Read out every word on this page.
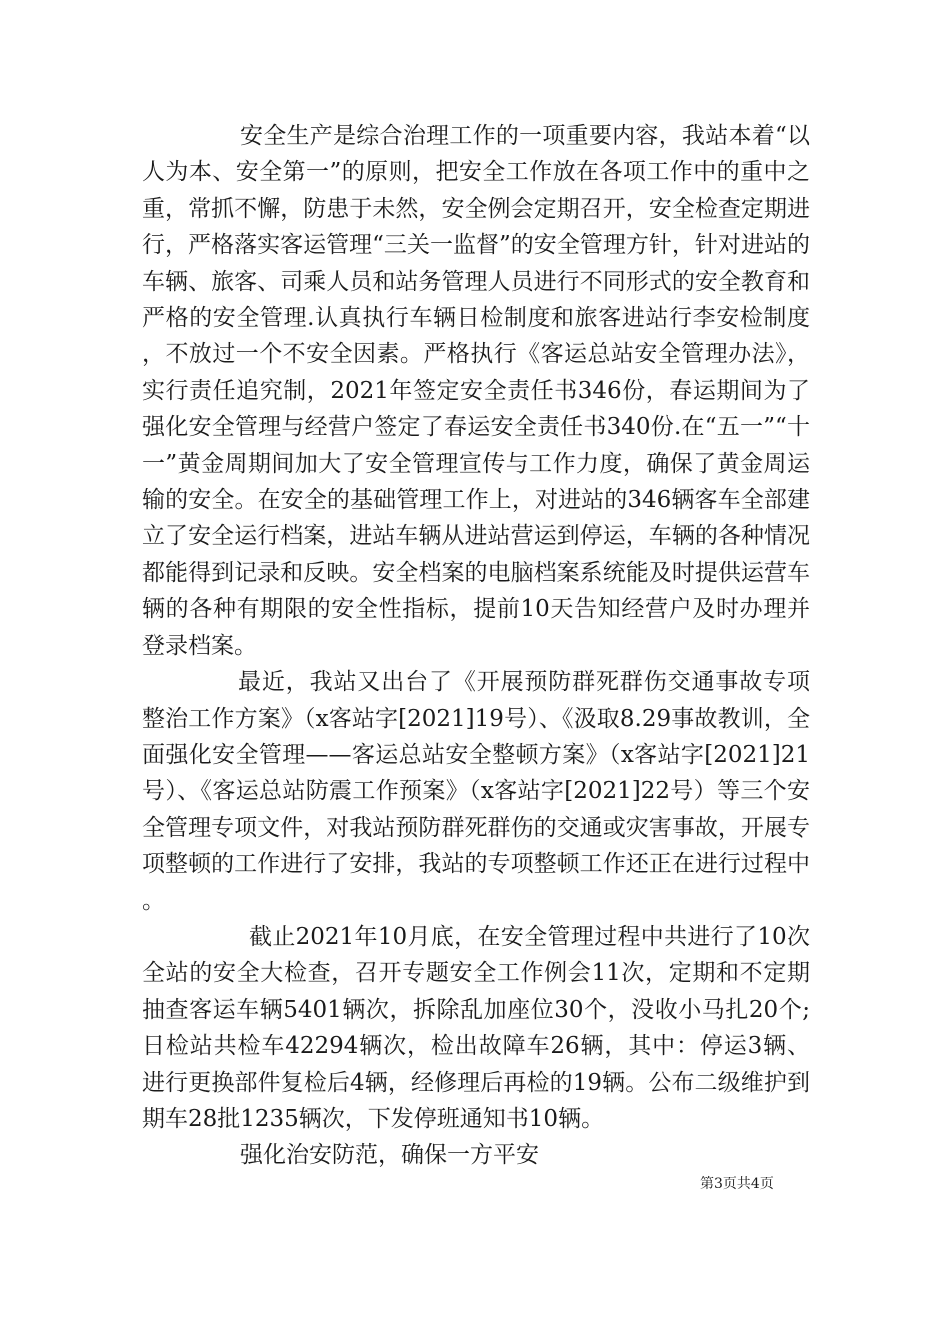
安全生产是综合治理工作的一项重要内容，我站本着“以人为本、安全第一”的原则，把安全工作放在各项工作中的重中之重，常抓不懈，防患于未然，安全例会定期召开，安全检查定期进行，严格落实客运管理“三关一监督”的安全管理方针，针对进站的车辆、旅客、司乘人员和站务管理人员进行不同形式的安全教育和严格的安全管理.认真执行车辆日检制度和旅客进站行李安检制度，不放过一个不安全因素。严格执行《客运总站安全管理办法》，实行责任追究制，2021年签定安全责任书346份，春运期间为了强化安全管理与经营户签定了春运安全责任书340份.在“五一”“十一”黄金周期间加大了安全管理宣传与工作力度，确保了黄金周运输的安全。在安全的基础管理工作上，对进站的346辆客车全部建立了安全运行档案，进站车辆从进站营运到停运，车辆的各种情况都能得到记录和反映。安全档案的电脑档案系统能及时提供运营车辆的各种有期限的安全性指标，提前10天告知经营户及时办理并登录档案。

最近，我站又出台了《开展预防群死群伤交通事故专项整治工作方案》（x客站字[2021]19号）、《汲取8.29事故教训，全面强化安全管理——客运总站安全整顿方案》（x客站字[2021]21号）、《客运总站防震工作预案》（x客站字[2021]22号）等三个安全管理专项文件，对我站预防群死群伤的交通或灾害事故，开展专项整顿的工作进行了安排，我站的专项整顿工作还正在进行过程中。

截止2021年10月底，在安全管理过程中共进行了10次全站的安全大检查，召开专题安全工作例会11次，定期和不定期抽查客运车辆5401辆次，拆除乱加座位30个，没收小马扎20个;日检站共检车42294辆次，检出故障车26辆，其中：停运3辆、进行更换部件复检后4辆，经修理后再检的19辆。公布二级维护到期车28批1235辆次，下发停班通知书10辆。

强化治安防范，确保一方平安

第3页共4页
